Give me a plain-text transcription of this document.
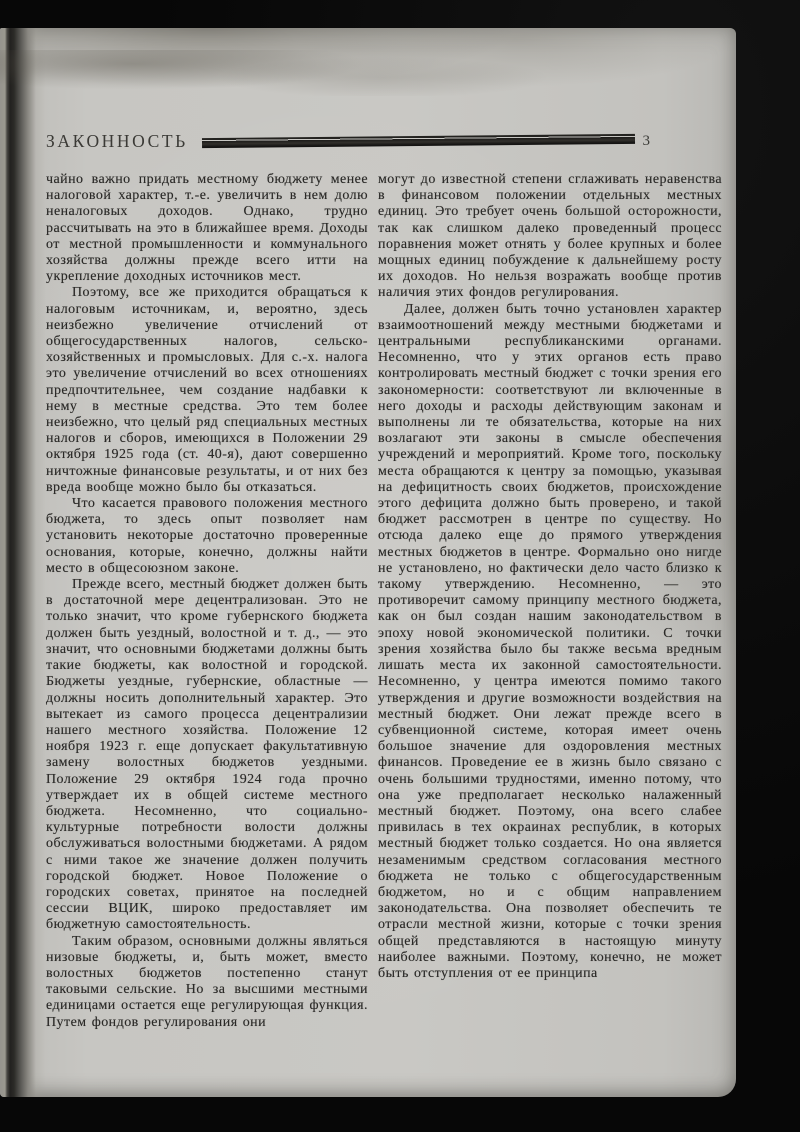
ЗАКОННОСТЬ	3

чайно важно придать местному бюджету менее налоговой характер, т.-е. увеличить в нем долю неналоговых доходов. Однако, трудно рассчитывать на это в ближайшее время. Доходы от местной промышленности и коммунального хозяйства должны прежде всего итти на укрепление доходных источников мест.

Поэтому, все же приходится обращаться к налоговым источникам, и, вероятно, здесь неизбежно увеличение отчислений от общегосударственных налогов, сельско-хозяйственных и промысловых. Для с.-х. налога это увеличение отчислений во всех отношениях предпочтительнее, чем создание надбавки к нему в местные средства. Это тем более неизбежно, что целый ряд специальных местных налогов и сборов, имеющихся в Положении 29 октября 1925 года (ст. 40-я), дают совершенно ничтожные финансовые результаты, и от них без вреда вообще можно было бы отказаться.

Что касается правового положения местного бюджета, то здесь опыт позволяет нам установить некоторые достаточно проверенные основания, которые, конечно, должны найти место в общесоюзном законе.

Прежде всего, местный бюджет должен быть в достаточной мере децентрализован. Это не только значит, что кроме губернского бюджета должен быть уездный, волостной и т. д., — это значит, что основными бюджетами должны быть такие бюджеты, как волостной и городской. Бюджеты уездные, губернские, областные — должны носить дополнительный характер. Это вытекает из самого процесса децентрализии нашего местного хозяйства. Положение 12 ноября 1923 г. еще допускает факультативную замену волостных бюджетов уездными. Положение 29 октября 1924 года прочно утверждает их в общей системе местного бюджета. Несомненно, что социально-культурные потребности волости должны обслуживаться волостными бюджетами. А рядом с ними такое же значение должен получить городской бюджет. Новое Положение о городских советах, принятое на последней сессии ВЦИК, широко предоставляет им бюджетную самостоятельность.

Таким образом, основными должны являться низовые бюджеты, и, быть может, вместо волостных бюджетов постепенно станут таковыми сельские. Но за высшими местными единицами остается еще регулирующая функция. Путем фондов регулирования они

могут до известной степени сглаживать неравенства в финансовом положении отдельных местных единиц. Это требует очень большой осторожности, так как слишком далеко проведенный процесс поравнения может отнять у более крупных и более мощных единиц побуждение к дальнейшему росту их доходов. Но нельзя возражать вообще против наличия этих фондов регулирования.

Далее, должен быть точно установлен характер взаимоотношений между местными бюджетами и центральными республиканскими органами. Несомненно, что у этих органов есть право контролировать местный бюджет с точки зрения его закономерности: соответствуют ли включенные в него доходы и расходы действующим законам и выполнены ли те обязательства, которые на них возлагают эти законы в смысле обеспечения учреждений и мероприятий. Кроме того, поскольку места обращаются к центру за помощью, указывая на дефицитность своих бюджетов, происхождение этого дефицита должно быть проверено, и такой бюджет рассмотрен в центре по существу. Но отсюда далеко еще до прямого утверждения местных бюджетов в центре. Формально оно нигде не установлено, но фактически дело часто близко к такому утверждению. Несомненно, — это противоречит самому принципу местного бюджета, как он был создан нашим законодательством в эпоху новой экономической политики. С точки зрения хозяйства было бы также весьма вредным лишать места их законной самостоятельности. Несомненно, у центра имеются помимо такого утверждения и другие возможности воздействия на местный бюджет. Они лежат прежде всего в субвенционной системе, которая имеет очень большое значение для оздоровления местных финансов. Проведение ее в жизнь было связано с очень большими трудностями, именно потому, что она уже предполагает несколько налаженный местный бюджет. Поэтому, она всего слабее привилась в тех окраинах республик, в которых местный бюджет только создается. Но она является незаменимым средством согласования местного бюджета не только с общегосударственным бюджетом, но и с общим направлением законодательства. Она позволяет обеспечить те отрасли местной жизни, которые с точки зрения общей представляются в настоящую минуту наиболее важными. Поэтому, конечно, не может быть отступления от ее принципа
